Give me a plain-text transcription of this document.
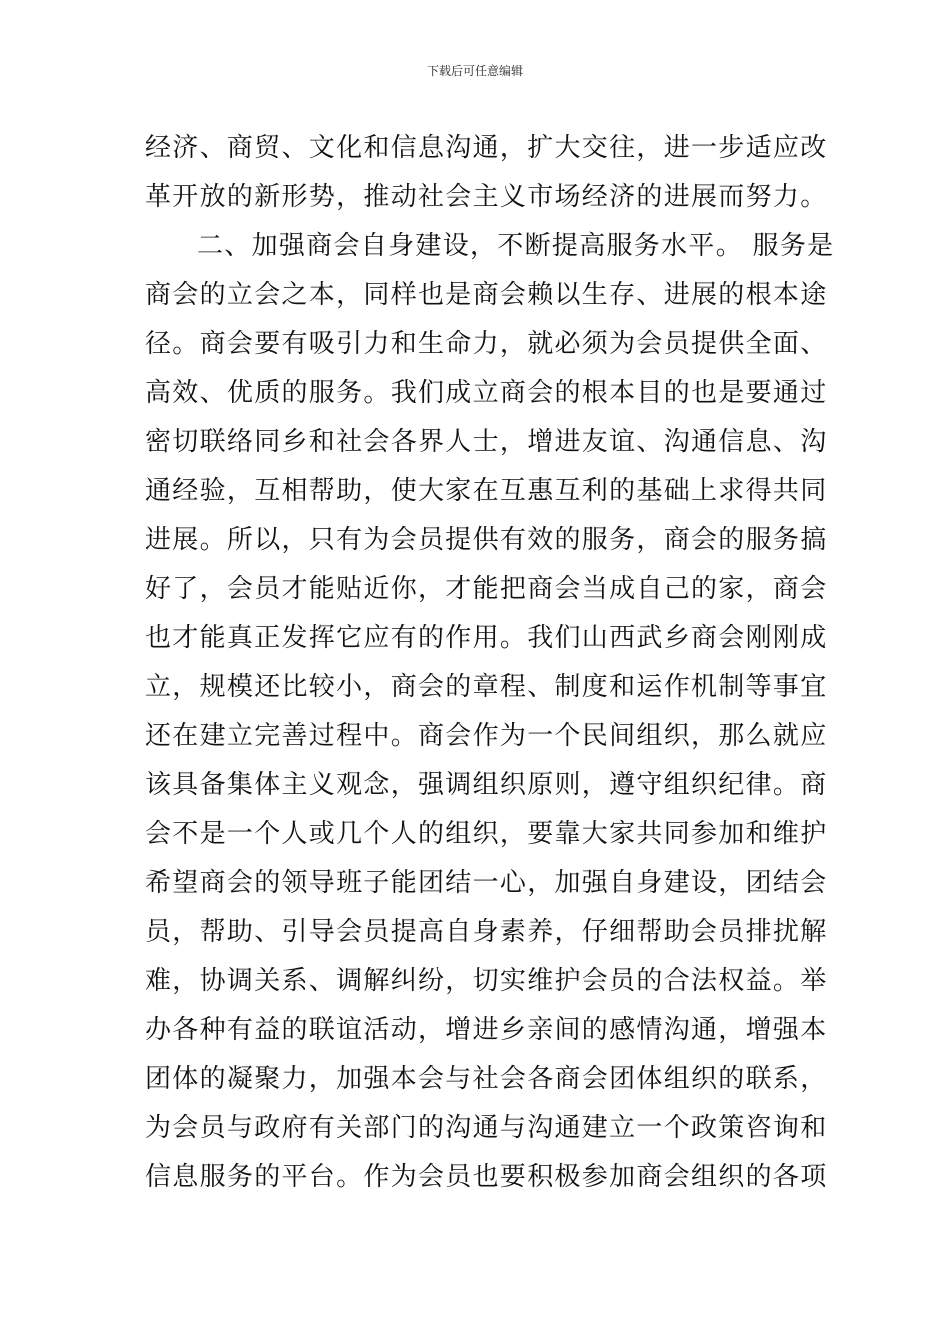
下载后可任意编辑
经济、商贸、文化和信息沟通，扩大交往，进一步适应改
革开放的新形势，推动社会主义市场经济的进展而努力。
二、加强商会自身建设，不断提高服务水平。 服务是
商会的立会之本，同样也是商会赖以生存、进展的根本途
径。商会要有吸引力和生命力，就必须为会员提供全面、
高效、优质的服务。我们成立商会的根本目的也是要通过
密切联络同乡和社会各界人士，增进友谊、沟通信息、沟
通经验，互相帮助，使大家在互惠互利的基础上求得共同
进展。所以，只有为会员提供有效的服务，商会的服务搞
好了，会员才能贴近你，才能把商会当成自己的家，商会
也才能真正发挥它应有的作用。我们山西武乡商会刚刚成
立，规模还比较小，商会的章程、制度和运作机制等事宜
还在建立完善过程中。商会作为一个民间组织，那么就应
该具备集体主义观念，强调组织原则，遵守组织纪律。商
会不是一个人或几个人的组织，要靠大家共同参加和维护
希望商会的领导班子能团结一心，加强自身建设，团结会
员，帮助、引导会员提高自身素养，仔细帮助会员排扰解
难，协调关系、调解纠纷，切实维护会员的合法权益。举
办各种有益的联谊活动，增进乡亲间的感情沟通，增强本
团体的凝聚力，加强本会与社会各商会团体组织的联系，
为会员与政府有关部门的沟通与沟通建立一个政策咨询和
信息服务的平台。作为会员也要积极参加商会组织的各项
